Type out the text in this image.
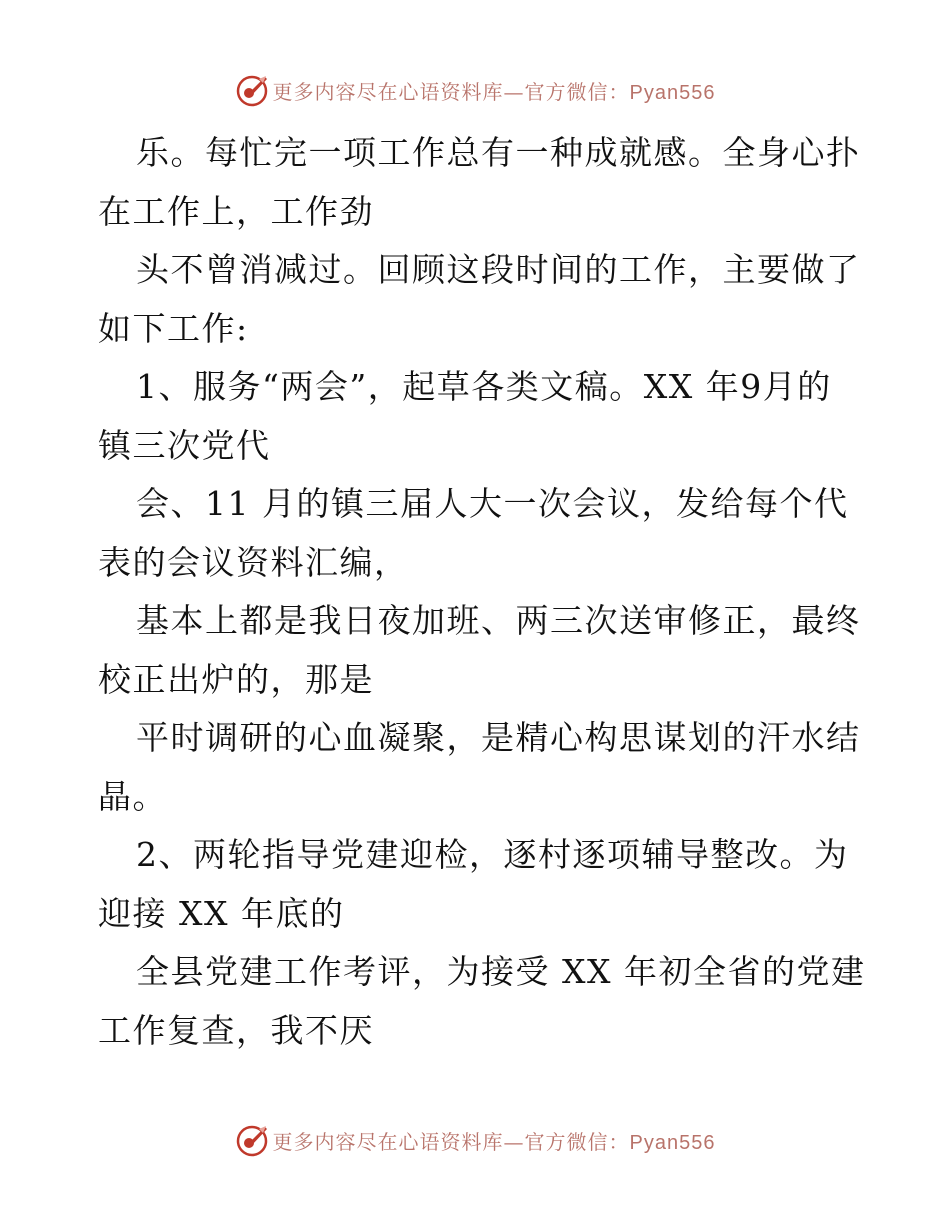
更多内容尽在心语资料库—官方微信：Pyan556
乐。每忙完一项工作总有一种成就感。全身心扑
在工作上，工作劲
头不曾消减过。回顾这段时间的工作，主要做了
如下工作:
1、服务“两会”，起草各类文稿。XX 年9月的
镇三次党代
会、11 月的镇三届人大一次会议，发给每个代
表的会议资料汇编，
基本上都是我日夜加班、两三次送审修正，最终
校正出炉的，那是
平时调研的心血凝聚，是精心构思谋划的汗水结
晶。
2、两轮指导党建迎检，逐村逐项辅导整改。为
迎接 XX 年底的
全县党建工作考评，为接受 XX 年初全省的党建
工作复查，我不厌
更多内容尽在心语资料库—官方微信：Pyan556
